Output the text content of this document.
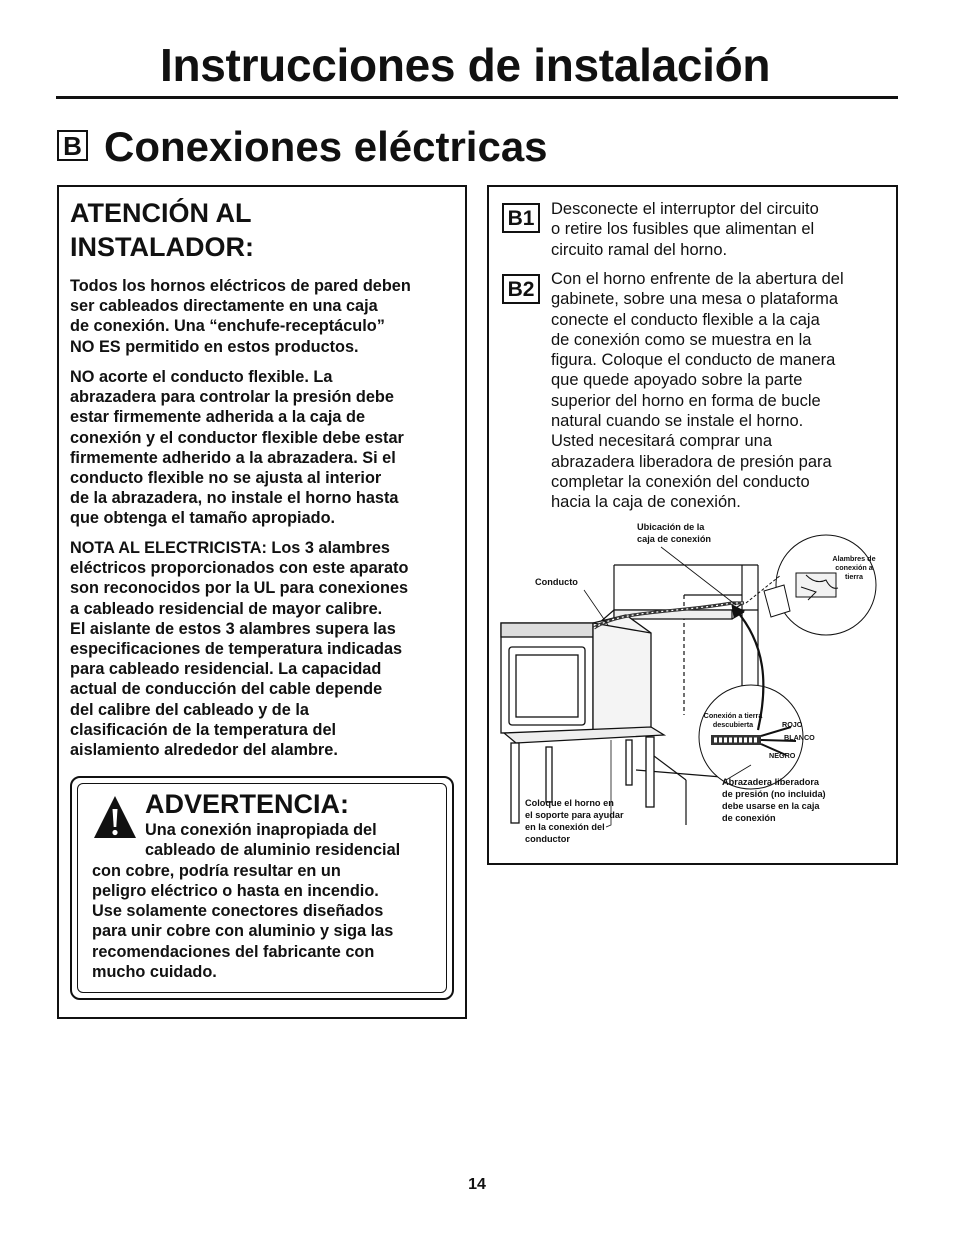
Instrucciones de instalación
B Conexiones eléctricas
ATENCIÓN AL
INSTALADOR:
Todos los hornos eléctricos de pared deben
ser cableados directamente en una caja
de conexión. Una “enchufe-receptáculo”
NO ES permitido en estos productos.
NO acorte el conducto flexible. La
abrazadera para controlar la presión debe
estar firmemente adherida a la caja de
conexión y el conductor flexible debe estar
firmemente adherido a la abrazadera. Si el
conducto flexible no se ajusta al interior
de la abrazadera, no instale el horno hasta
que obtenga el tamaño apropiado.
NOTA AL ELECTRICISTA: Los 3 alambres
eléctricos proporcionados con este aparato
son reconocidos por la UL para conexiones
a cableado residencial de mayor calibre.
El aislante de estos 3 alambres supera las
especificaciones de temperatura indicadas
para cableado residencial. La capacidad
actual de conducción del cable depende
del calibre del cableado y de la
clasificación de la temperatura del
aislamiento alrededor del alambre.
ADVERTENCIA:
Una conexión inapropiada del
cableado de aluminio residencial
con cobre, podría resultar en un
peligro eléctrico o hasta en incendio.
Use solamente conectores diseñados
para unir cobre con aluminio y siga las
recomendaciones del fabricante con
mucho cuidado.
B1	Desconecte el interruptor del circuito
o retire los fusibles que alimentan el
circuito ramal del horno.
B2	Con el horno enfrente de la abertura del
gabinete, sobre una mesa o plataforma
conecte el conducto flexible a la caja
de conexión como se muestra en la
figura. Coloque el conducto de manera
que quede apoyado sobre la parte
superior del horno en forma de bucle
natural cuando se instale el horno.
Usted necesitará comprar una
abrazadera liberadora de presión para
completar la conexión del conducto
hacia la caja de conexión.
Ubicación de la
caja de conexión
Conducto
Alambres de
conexión a
tierra
Conexión a tierra
descubierta	ROJO
BLANCO
NEGRO
Abrazadera liberadora
de presión (no incluida)
debe usarse en la caja
de conexión
Coloque el horno en
el soporte para ayudar
en la conexión del
conductor
14
